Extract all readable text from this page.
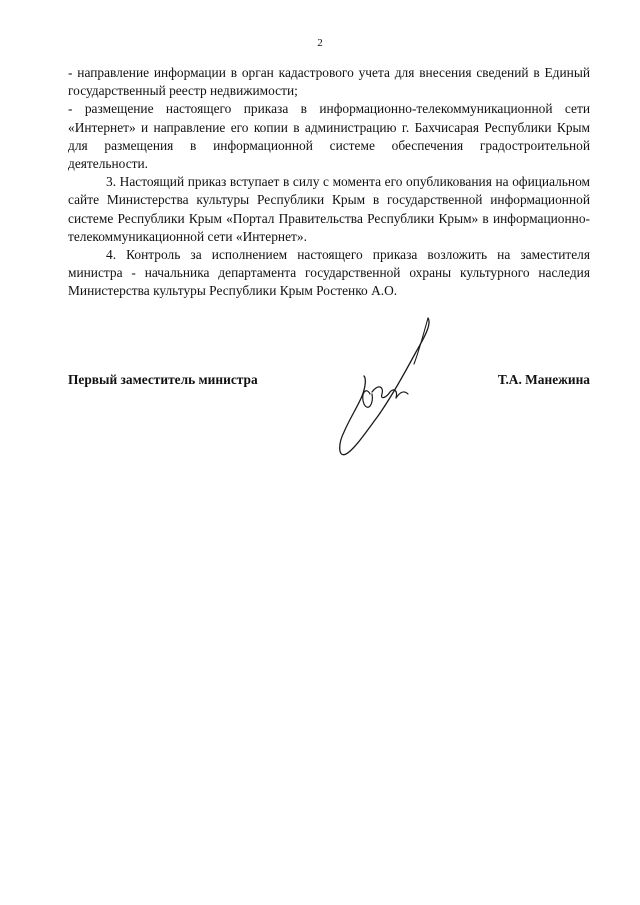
2

- направление информации в орган кадастрового учета для внесения сведений в Единый государственный реестр недвижимости;

- размещение настоящего приказа в информационно-телекоммуникационной сети «Интернет» и направление его копии в администрацию г. Бахчисарая Республики Крым для размещения в информационной системе обеспечения градостроительной деятельности.

3. Настоящий приказ вступает в силу с момента его опубликования на официальном сайте Министерства культуры Республики Крым в государственной информационной системе Республики Крым «Портал Правительства Республики Крым» в информационно-телекоммуникационной сети «Интернет».

4. Контроль за исполнением настоящего приказа возложить на заместителя министра - начальника департамента государственной охраны культурного наследия Министерства культуры Республики Крым Ростенко А.О.

Первый заместитель министра	Т.А. Манежина
